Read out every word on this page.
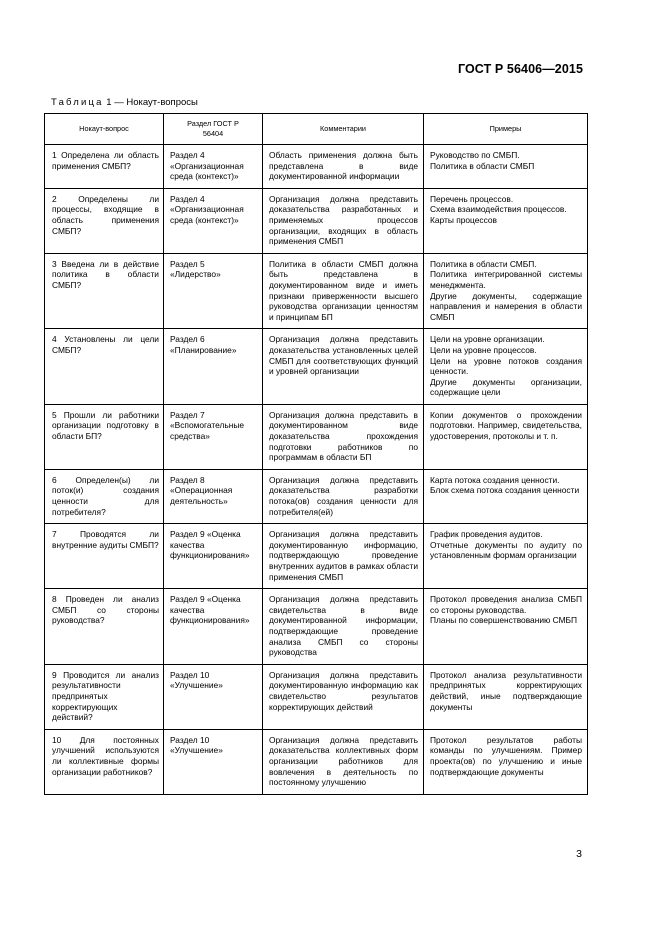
ГОСТ Р 56406—2015
Таблица 1 — Нокаут-вопросы
Нокаут-вопрос	Раздел ГОСТ Р 56404	Комментарии	Примеры

1 Определена ли область применения СМБП?	Раздел 4 «Организационная среда (контекст)»	Область применения должна быть представлена в виде документированной информации	Руководство по СМБП.
Политика в области СМБП

2 Определены ли процессы, входящие в область применения СМБП?	Раздел 4 «Организационная среда (контекст)»	Организация должна представить доказательства разработанных и применяемых процессов организации, входящих в область применения СМБП	Перечень процессов.
Схема взаимодействия процессов.
Карты процессов

3 Введена ли в действие политика в области СМБП?	Раздел 5 «Лидерство»	Политика в области СМБП должна быть представлена в документированном виде и иметь признаки приверженности высшего руководства организации ценностям и принципам БП	Политика в области СМБП.
Политика интегрированной системы менеджмента.
Другие документы, содержащие направления и намерения в области СМБП

4 Установлены ли цели СМБП?	Раздел 6 «Планирование»	Организация должна представить доказательства установленных целей СМБП для соответствующих функций и уровней организации	Цели на уровне организации.
Цели на уровне процессов.
Цели на уровне потоков создания ценности.
Другие документы организации, содержащие цели

5 Прошли ли работники организации подготовку в области БП?	Раздел 7 «Вспомогательные средства»	Организация должна представить в документированном виде доказательства прохождения подготовки работников по программам в области БП	Копии документов о прохождении подготовки. Например, свидетельства, удостоверения, протоколы и т. п.

6 Определен(ы) ли поток(и) создания ценности для потребителя?	Раздел 8 «Операционная деятельность»	Организация должна представить доказательства разработки потока(ов) создания ценности для потребителя(ей)	Карта потока создания ценности.
Блок схема потока создания ценности

7 Проводятся ли внутренние аудиты СМБП?	Раздел 9 «Оценка качества функционирования»	Организация должна представить документированную информацию, подтверждающую проведение внутренних аудитов в рамках области применения СМБП	График проведения аудитов.
Отчетные документы по аудиту по установленным формам организации

8 Проведен ли анализ СМБП со стороны руководства?	Раздел 9 «Оценка качества функционирования»	Организация должна представить свидетельства в виде документированной информации, подтверждающие проведение анализа СМБП со стороны руководства	Протокол проведения анализа СМБП со стороны руководства.
Планы по совершенствованию СМБП

9 Проводится ли анализ результативности предпринятых корректирующих действий?	Раздел 10 «Улучшение»	Организация должна представить документированную информацию как свидетельство результатов корректирующих действий	Протокол анализа результативности предпринятых корректирующих действий, иные подтверждающие документы

10 Для постоянных улучшений используются ли коллективные формы организации работников?	Раздел 10 «Улучшение»	Организация должна представить доказательства коллективных форм организации работников для вовлечения в деятельность по постоянному улучшению	Протокол результатов работы команды по улучшениям. Пример проекта(ов) по улучшению и иные подтверждающие документы
3
